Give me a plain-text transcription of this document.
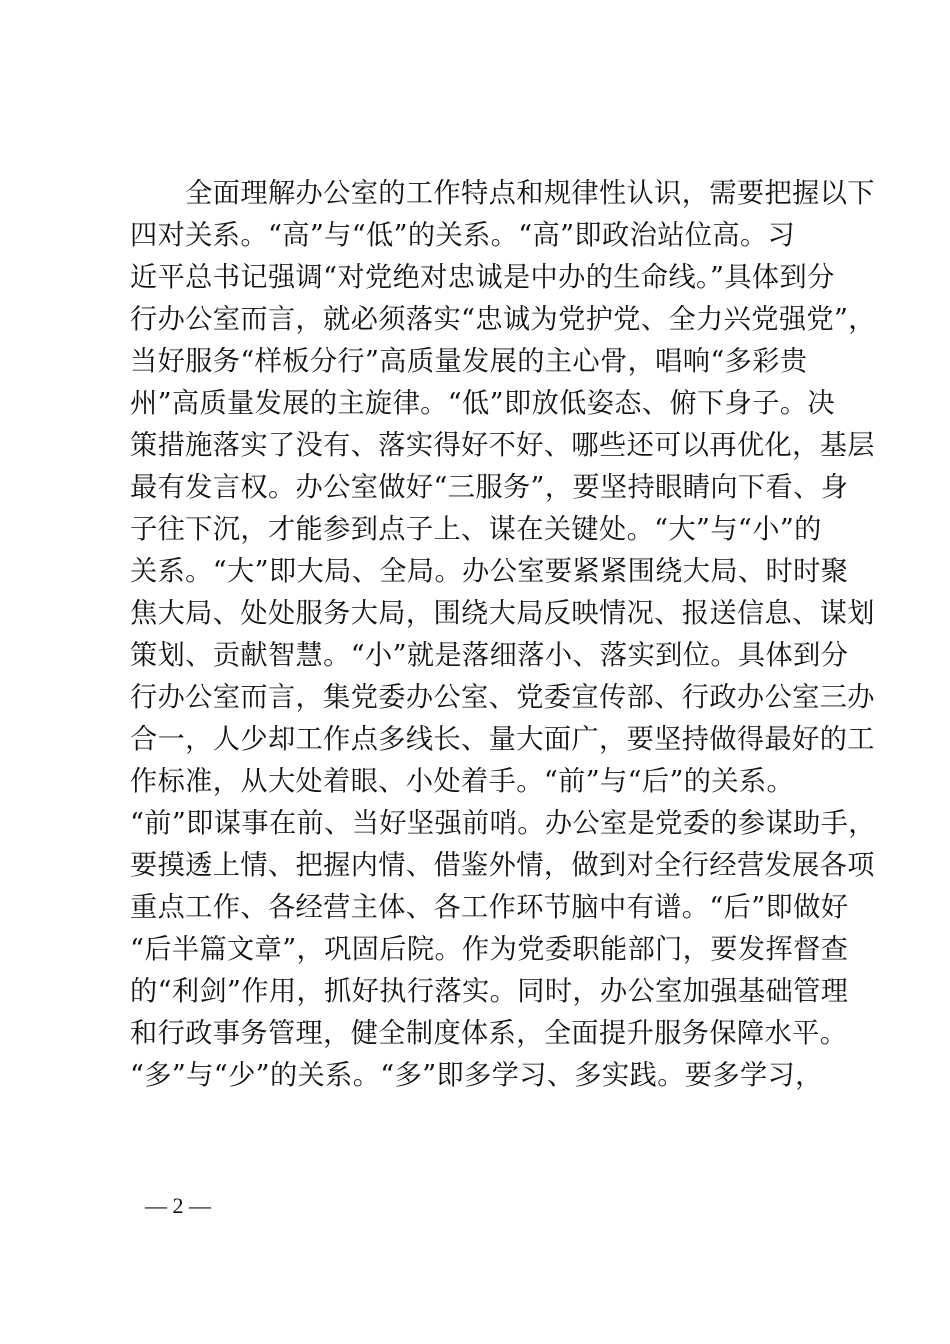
　　全面理解办公室的工作特点和规律性认识，需要把握以下
四对关系。“高”与“低”的关系。“高”即政治站位高。习
近平总书记强调“对党绝对忠诚是中办的生命线。”具体到分
行办公室而言，就必须落实“忠诚为党护党、全力兴党强党”，
当好服务“样板分行”高质量发展的主心骨，唱响“多彩贵
州”高质量发展的主旋律。“低”即放低姿态、俯下身子。决
策措施落实了没有、落实得好不好、哪些还可以再优化，基层
最有发言权。办公室做好“三服务”，要坚持眼睛向下看、身
子往下沉，才能参到点子上、谋在关键处。“大”与“小”的
关系。“大”即大局、全局。办公室要紧紧围绕大局、时时聚
焦大局、处处服务大局，围绕大局反映情况、报送信息、谋划
策划、贡献智慧。“小”就是落细落小、落实到位。具体到分
行办公室而言，集党委办公室、党委宣传部、行政办公室三办
合一，人少却工作点多线长、量大面广，要坚持做得最好的工
作标准，从大处着眼、小处着手。“前”与“后”的关系。
“前”即谋事在前、当好坚强前哨。办公室是党委的参谋助手，
要摸透上情、把握内情、借鉴外情，做到对全行经营发展各项
重点工作、各经营主体、各工作环节脑中有谱。“后”即做好
“后半篇文章”，巩固后院。作为党委职能部门，要发挥督查
的“利剑”作用，抓好执行落实。同时，办公室加强基础管理
和行政事务管理，健全制度体系，全面提升服务保障水平。
“多”与“少”的关系。“多”即多学习、多实践。要多学习，
— 2 —
